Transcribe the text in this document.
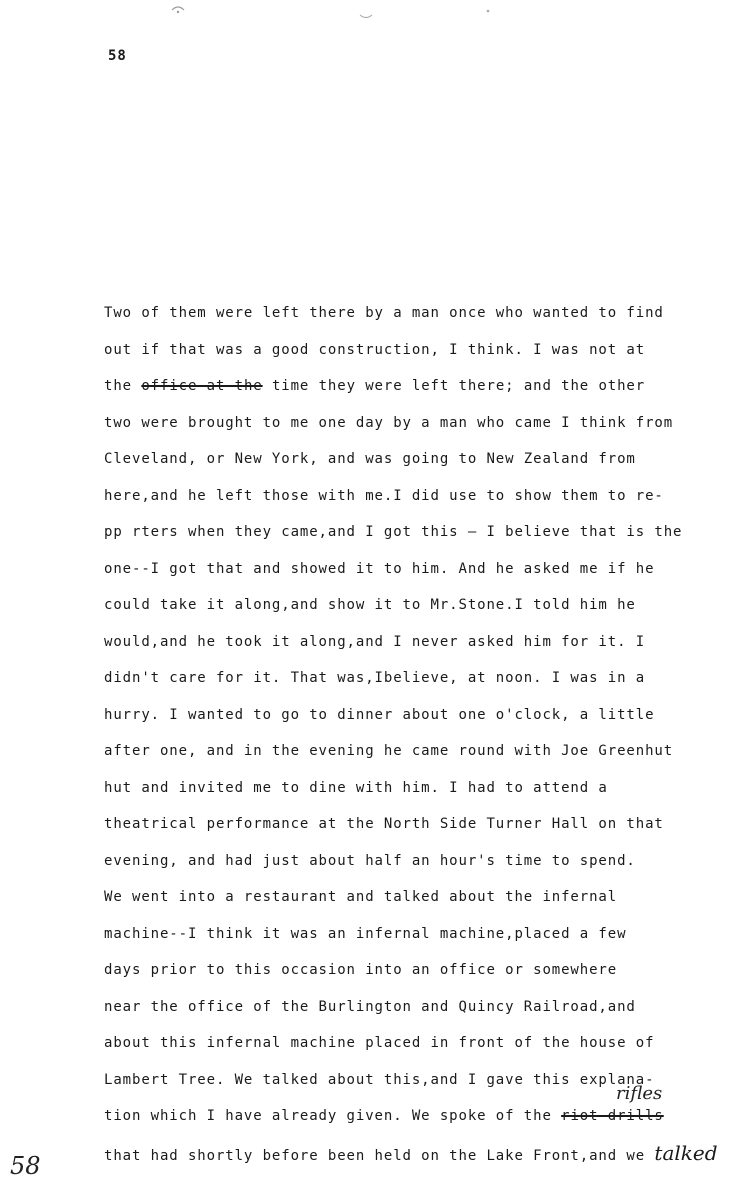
58
Two of them were left there by a man once who wanted to find
out if that was a good construction, I think. I was not at
the office at the time they were left there; and the other
two were brought to me one day by a man who came I think from
Cleveland, or New York, and was going to New Zealand from
here,and he left those with me.I did use to show them to re-
pp rters when they came,and I got this — I believe that is the
one--I got that and showed it to him. And he asked me if he
could take it along,and show it to Mr.Stone.I told him he
would,and he took it along,and I never asked him for it. I
didn't care for it. That was,Ibelieve, at noon. I was in a
hurry. I wanted to go to dinner about one o'clock, a little
after one, and in the evening he came round with Joe Greenhut
hut and invited me to dine with him. I had to attend a
theatrical performance at the North Side Turner Hall on that
evening, and had just about half an hour's time to spend.
We went into a restaurant and talked about the infernal
machine--I think it was an infernal machine,placed a few
days prior to this occasion into an office or somewhere
near the office of the Burlington and Quincy Railroad,and
about this infernal machine placed in front of the house of
Lambert Tree. We talked about this,and I gave this explana-
tion which I have already given. We spoke of the riot drills
that had shortly before been held on the Lake Front,and we talked
rifles
58
